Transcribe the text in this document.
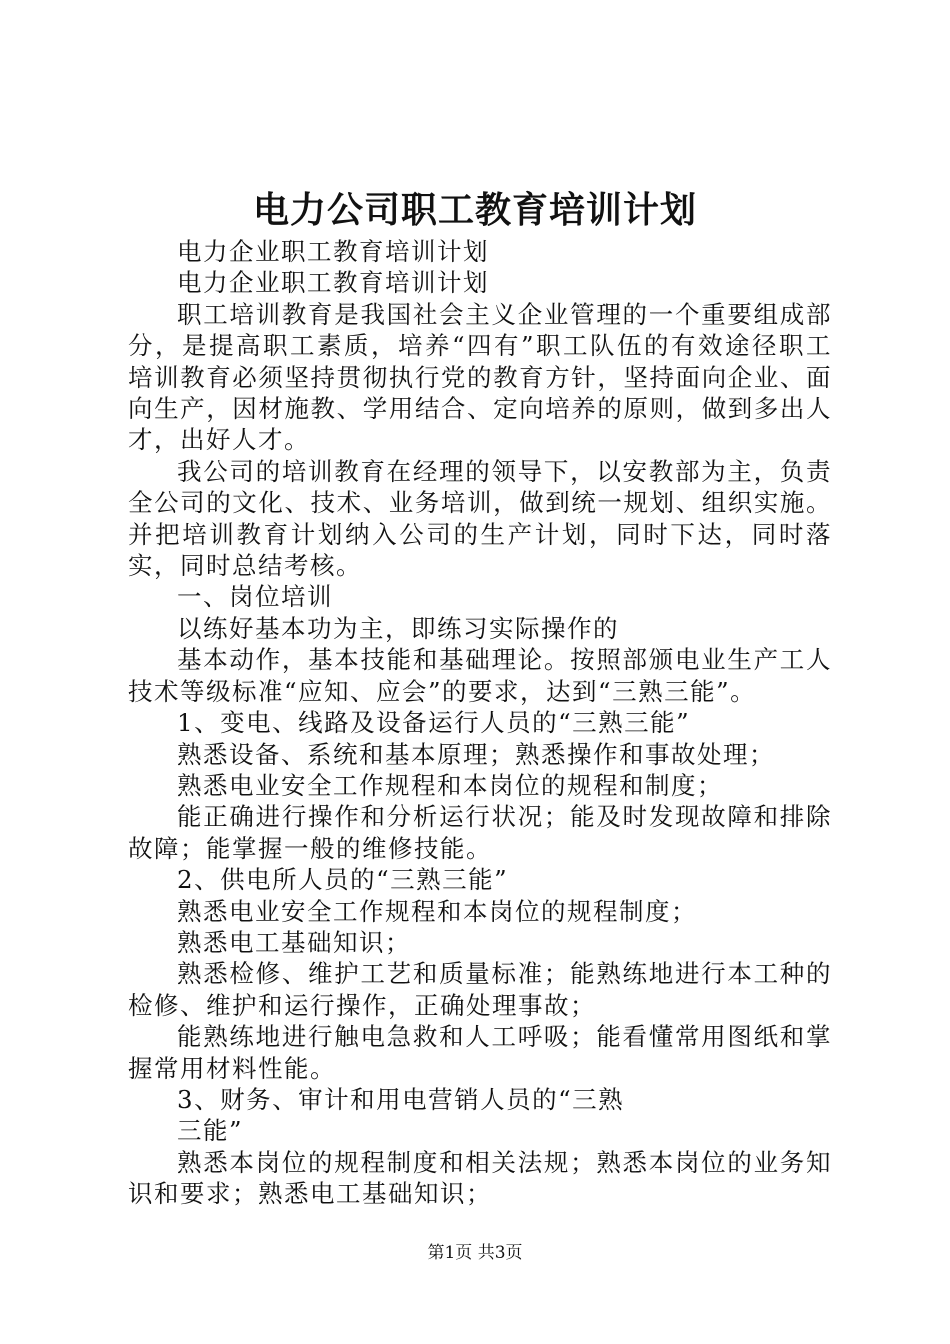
电力公司职工教育培训计划

电力企业职工教育培训计划

电力企业职工教育培训计划

职工培训教育是我国社会主义企业管理的一个重要组成部分，是提高职工素质，培养“四有”职工队伍的有效途径职工培训教育必须坚持贯彻执行党的教育方针，坚持面向企业、面向生产，因材施教、学用结合、定向培养的原则，做到多出人才，出好人才。

我公司的培训教育在经理的领导下，以安教部为主，负责全公司的文化、技术、业务培训，做到统一规划、组织实施。并把培训教育计划纳入公司的生产计划，同时下达，同时落实，同时总结考核。

一、岗位培训

以练好基本功为主，即练习实际操作的

基本动作，基本技能和基础理论。按照部颁电业生产工人技术等级标准“应知、应会”的要求，达到“三熟三能”。

1、变电、线路及设备运行人员的“三熟三能”

熟悉设备、系统和基本原理；熟悉操作和事故处理；

熟悉电业安全工作规程和本岗位的规程和制度；

能正确进行操作和分析运行状况；能及时发现故障和排除故障；能掌握一般的维修技能。

2、供电所人员的“三熟三能”

熟悉电业安全工作规程和本岗位的规程制度；

熟悉电工基础知识；

熟悉检修、维护工艺和质量标准；能熟练地进行本工种的检修、维护和运行操作，正确处理事故；

能熟练地进行触电急救和人工呼吸；能看懂常用图纸和掌握常用材料性能。

3、财务、审计和用电营销人员的“三熟

三能”

熟悉本岗位的规程制度和相关法规；熟悉本岗位的业务知识和要求；熟悉电工基础知识；

第1页 共3页
